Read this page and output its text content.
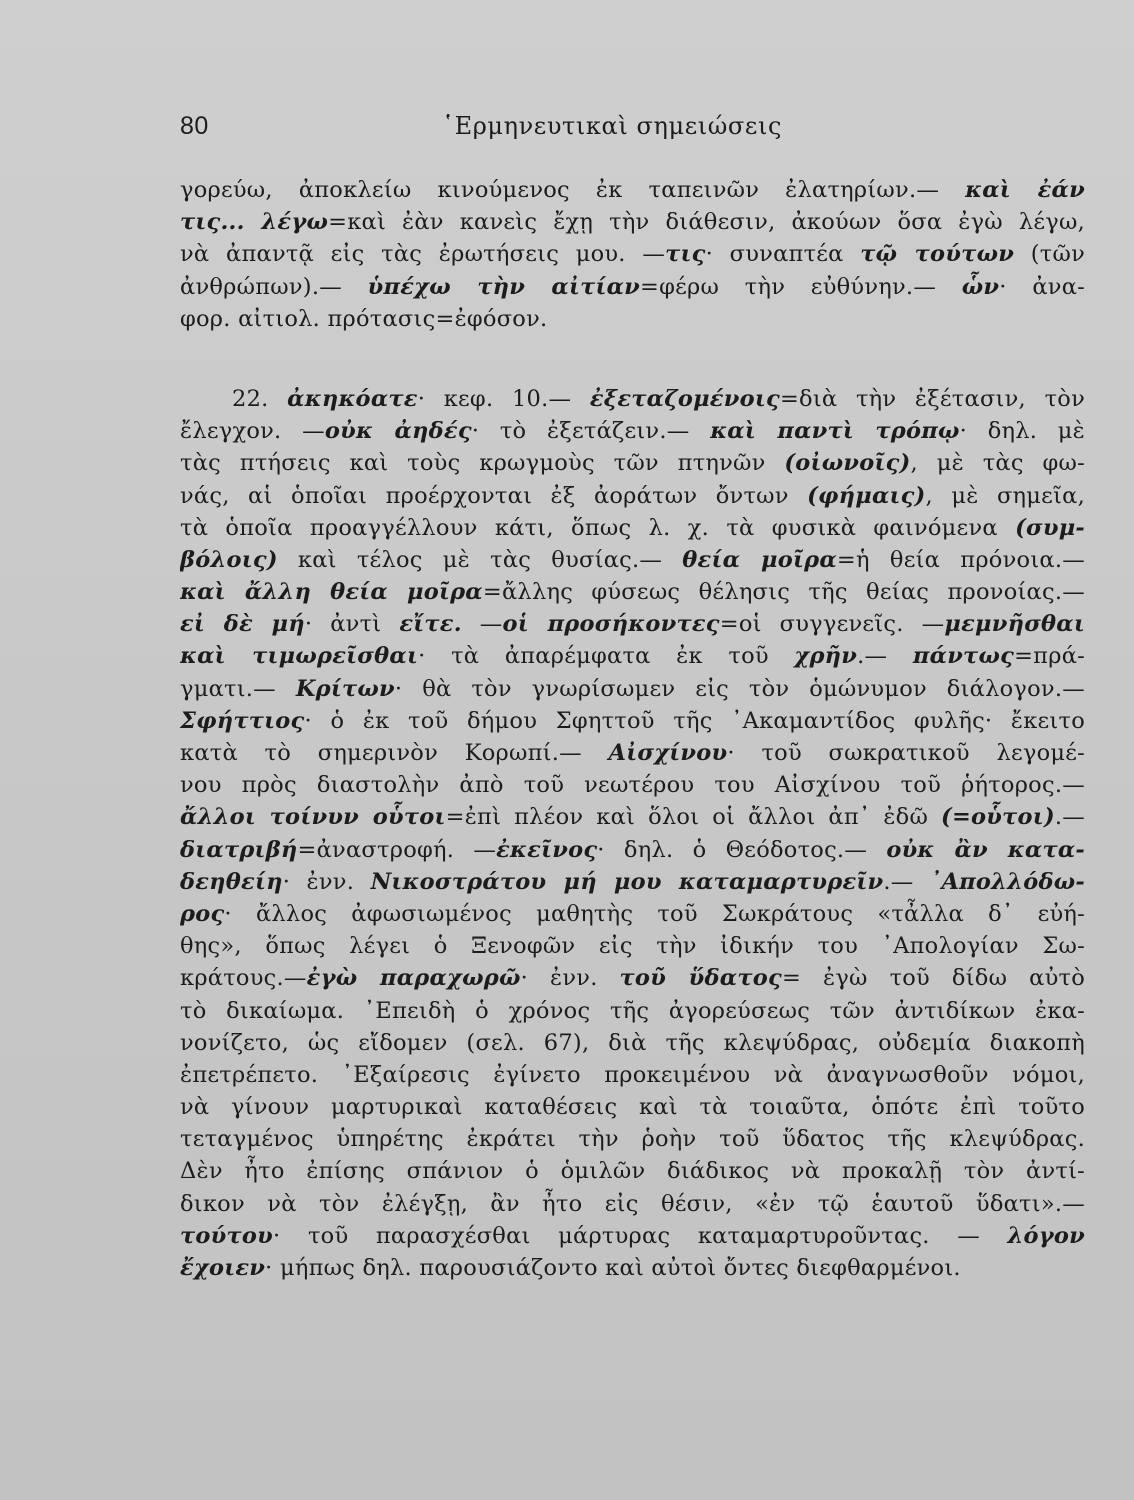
80	῾Ερμηνευτικαὶ σημειώσεις
γορεύω, ἀποκλείω κινούμενος ἐκ ταπεινῶν ἐλατηρίων.— καὶ ἐάν
τις... λέγω=καὶ ἐὰν κανεὶς ἔχῃ τὴν διάθεσιν, ἀκούων ὅσα ἐγὼ λέγω,
νὰ ἀπαντᾷ εἰς τὰς ἐρωτήσεις μου. —τις· συναπτέα τῷ τούτων (τῶν
ἀνθρώπων).— ὑπέχω τὴν αἰτίαν=φέρω τὴν εὐθύνην.— ὧν· ἀνα-
φορ. αἰτιολ. πρότασις=ἐφόσον.
22. ἀκηκόατε· κεφ. 10.— ἐξεταζομένοις=διὰ τὴν ἐξέτασιν, τὸν
ἔλεγχον. —οὐκ ἀηδές· τὸ ἐξετάζειν.— καὶ παντὶ τρόπῳ· δηλ. μὲ
τὰς πτήσεις καὶ τοὺς κρωγμοὺς τῶν πτηνῶν (οἰωνοῖς), μὲ τὰς φω-
νάς, αἱ ὁποῖαι προέρχονται ἐξ ἀοράτων ὄντων (φήμαις), μὲ σημεῖα,
τὰ ὁποῖα προαγγέλλουν κάτι, ὅπως λ. χ. τὰ φυσικὰ φαινόμενα (συμ-
βόλοις) καὶ τέλος μὲ τὰς θυσίας.— θεία μοῖρα=ἡ θεία πρόνοια.—
καὶ ἄλλη θεία μοῖρα=ἄλλης φύσεως θέλησις τῆς θείας προνοίας.—
εἰ δὲ μή· ἀντὶ εἴτε. —οἱ προσήκοντες=οἱ συγγενεῖς. —μεμνῆσθαι
καὶ τιμωρεῖσθαι· τὰ ἀπαρέμφατα ἐκ τοῦ χρῆν.— πάντως=πρά-
γματι.— Κρίτων· θὰ τὸν γνωρίσωμεν εἰς τὸν ὁμώνυμον διάλογον.—
Σφήττιος· ὁ ἐκ τοῦ δήμου Σφηττοῦ τῆς ᾽Ακαμαντίδος φυλῆς· ἔκειτο
κατὰ τὸ σημερινὸν Κορωπί.— Αἰσχίνου· τοῦ σωκρατικοῦ λεγομέ-
νου πρὸς διαστολὴν ἀπὸ τοῦ νεωτέρου του Αἰσχίνου τοῦ ῥήτορος.—
ἄλλοι τοίνυν οὗτοι=ἐπὶ πλέον καὶ ὅλοι οἱ ἄλλοι ἀπ᾽ ἐδῶ (=οὗτοι).—
διατριβή=ἀναστροφή. —ἐκεῖνος· δηλ. ὁ Θεόδοτος.— οὐκ ἂν κατα-
δεηθείη· ἐνν. Νικοστράτου μή μου καταμαρτυρεῖν.— ᾽Απολλόδω-
ρος· ἄλλος ἀφωσιωμένος μαθητὴς τοῦ Σωκράτους «τἆλλα δ᾽ εὐή-
θης», ὅπως λέγει ὁ Ξενοφῶν εἰς τὴν ἰδικήν του ᾽Απολογίαν Σω-
κράτους.—ἐγὼ παραχωρῶ· ἐνν. τοῦ ὕδατος= ἐγὼ τοῦ δίδω αὐτὸ
τὸ δικαίωμα. ᾽Επειδὴ ὁ χρόνος τῆς ἀγορεύσεως τῶν ἀντιδίκων ἐκα-
νονίζετο, ὡς εἴδομεν (σελ. 67), διὰ τῆς κλεψύδρας, οὐδεμία διακοπὴ
ἐπετρέπετο. ᾽Εξαίρεσις ἐγίνετο προκειμένου νὰ ἀναγνωσθοῦν νόμοι,
νὰ γίνουν μαρτυρικαὶ καταθέσεις καὶ τὰ τοιαῦτα, ὁπότε ἐπὶ τοῦτο
τεταγμένος ὑπηρέτης ἐκράτει τὴν ῥοὴν τοῦ ὕδατος τῆς κλεψύδρας.
Δὲν ἦτο ἐπίσης σπάνιον ὁ ὁμιλῶν διάδικος νὰ προκαλῇ τὸν ἀντί-
δικον νὰ τὸν ἐλέγξῃ, ἂν ἦτο εἰς θέσιν, «ἐν τῷ ἑαυτοῦ ὕδατι».—
τούτου· τοῦ παρασχέσθαι μάρτυρας καταμαρτυροῦντας. — λόγον
ἔχοιεν· μήπως δηλ. παρουσιάζοντο καὶ αὐτοὶ ὄντες διεφθαρμένοι.
